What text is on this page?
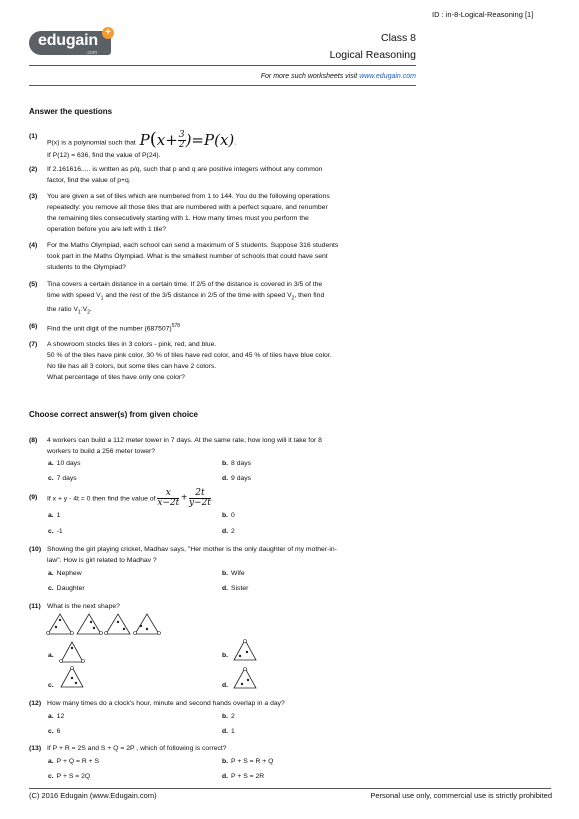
ID : in-8-Logical-Reasoning [1]
edugain
.com
+	Class 8
Logical Reasoning
For more such worksheets visit www.edugain.com
Answer the questions
(1)
P(x) is a polynomial such that $P(x+ \frac{3}{2} )=P(x)$.
If P(12) = 636, find the value of P(24).
(2) If 2.161616..... is written as p/q, such that p and q are positive integers without any common
factor, find the value of p+q.
(3) You are given a set of tiles which are numbered from 1 to 144. You do the following operations
repeatedly: you remove all those tiles that are numbered with a perfect square, and renumber
the remaining tiles consecutively starting with 1. How many times must you perform the
operation before you are left with 1 tile?
(4) For the Maths Olympiad, each school can send a maximum of 5 students. Suppose 316 students
took part in the Maths Olympiad. What is the smallest number of schools that could have sent
students to the Olympiad?
(5) Tina covers a certain distance in a certain time. If 2/5 of the distance is covered in 3/5 of the
time with speed $V_1$ and the rest of the 3/5 distance in 2/5 of the time with speed $V_2$, then find
the ratio $V_1:V_2$.
(6) Find the unit digit of the number $(687507)^{578}$
(7) A showroom stocks tiles in 3 colors - pink, red, and blue.
50 % of the tiles have pink color. 30 % of tiles have red color, and 45 % of tiles have blue color.
No tile has all 3 colors, but some tiles can have 2 colors.
What percentage of tiles have only one color?
Choose correct answer(s) from given choice
(8) 4 workers can build a 112 meter tower in 7 days. At the same rate, how long will it take for 8
workers to build a 256 meter tower?
a. 10 days	b. 8 days
c. 7 days	d. 9 days
(9) If x + y - 4t = 0 then find the value of $\frac{x}{x-2t} + \frac{2t}{y-2t}$ .
a. 1	b. 0
c. -1	d. 2
(10) Showing the girl playing cricket, Madhav says, "Her mother is the only daughter of my mother-in-
law". How is girl related to Madhav ?
a. Nephew	b. Wife
c. Daughter	d. Sister
(11) What is the next shape?
a.	b.
c.	d.
(12) How many times do a clock's hour, minute and second hands overlap in a day?
a. 12	b. 2
c. 6	d. 1
(13) If P + R = 2S and S + Q = 2P , which of following is correct?
a. P + Q = R + S	b. P + S = R + Q
c. P + S = 2Q	d. P + S = 2R
(C) 2016 Edugain (www.Edugain.com)	Personal use only, commercial use is strictly prohibited
